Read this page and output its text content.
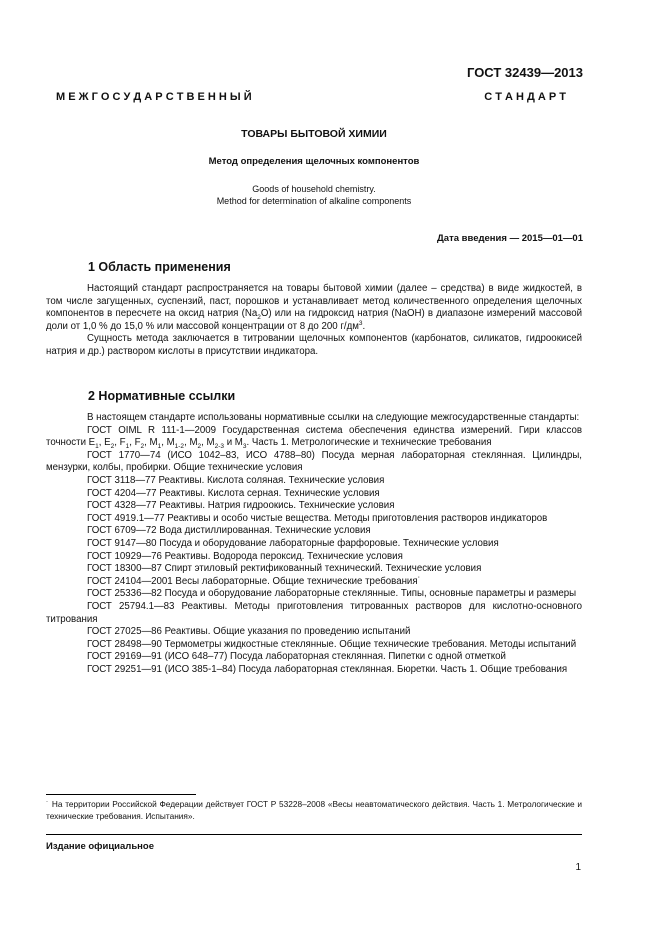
ГОСТ 32439—2013
М Е Ж Г О С У Д А Р С Т В Е Н Н Ы Й	С Т А Н Д А Р Т
ТОВАРЫ БЫТОВОЙ ХИМИИ
Метод определения щелочных компонентов
Goods of household chemistry.
Method for determination of alkaline components
Дата введения — 2015—01—01
1 Область применения

Настоящий стандарт распространяется на товары бытовой химии (далее – средства) в виде жидкостей, в том числе загущенных, суспензий, паст, порошков и устанавливает метод количественного определения щелочных компонентов в пересчете на оксид натрия $(Na_2O)$ или на гидроксид натрия (NaOH) в диапазоне измерений массовой доли от 1,0 % до 15,0 % или массовой концентрации от 8 до 200 $г/дм^3$.

Сущность метода заключается в титровании щелочных компонентов (карбонатов, силикатов, гидроокисей натрия и др.) раствором кислоты в присутствии индикатора.

2 Нормативные ссылки

В настоящем стандарте использованы нормативные ссылки на следующие межгосударственные стандарты:

ГОСТ OIML R 111-1—2009 Государственная система обеспечения единства измерений. Гири классов точности $E_1$, $E_2$, $F_1$, $F_2$, $M_1$, $M_{1-2}$, $M_2$, $M_{2-3}$ и $M_3$. Часть 1. Метрологические и технические требования

ГОСТ 1770—74 (ИСО 1042–83, ИСО 4788–80) Посуда мерная лабораторная стеклянная. Цилиндры, мензурки, колбы, пробирки. Общие технические условия

ГОСТ 3118—77 Реактивы. Кислота соляная. Технические условия

ГОСТ 4204—77 Реактивы. Кислота серная. Технические условия

ГОСТ 4328—77 Реактивы. Натрия гидроокись. Технические условия

ГОСТ 4919.1—77 Реактивы и особо чистые вещества. Методы приготовления растворов индикаторов

ГОСТ 6709—72 Вода дистиллированная. Технические условия

ГОСТ 9147—80 Посуда и оборудование лабораторные фарфоровые. Технические условия

ГОСТ 10929—76 Реактивы. Водорода пероксид. Технические условия

ГОСТ 18300—87 Спирт этиловый ректификованный технический. Технические условия

ГОСТ 24104—2001 Весы лабораторные. Общие технические требования˙

ГОСТ 25336—82 Посуда и оборудование лабораторные стеклянные. Типы, основные параметры и размеры

ГОСТ 25794.1—83 Реактивы. Методы приготовления титрованных растворов для кислотно-основного титрования

ГОСТ 27025—86 Реактивы. Общие указания по проведению испытаний

ГОСТ 28498—90 Термометры жидкостные стеклянные. Общие технические требования. Методы испытаний

ГОСТ 29169—91 (ИСО 648–77) Посуда лабораторная стеклянная. Пипетки с одной отметкой

ГОСТ 29251—91 (ИСО 385-1–84) Посуда лабораторная стеклянная. Бюретки. Часть 1. Общие требования

˙ На территории Российской Федерации действует ГОСТ Р 53228–2008 «Весы неавтоматического действия. Часть 1. Метрологические и технические требования. Испытания».
Издание официальное
1
